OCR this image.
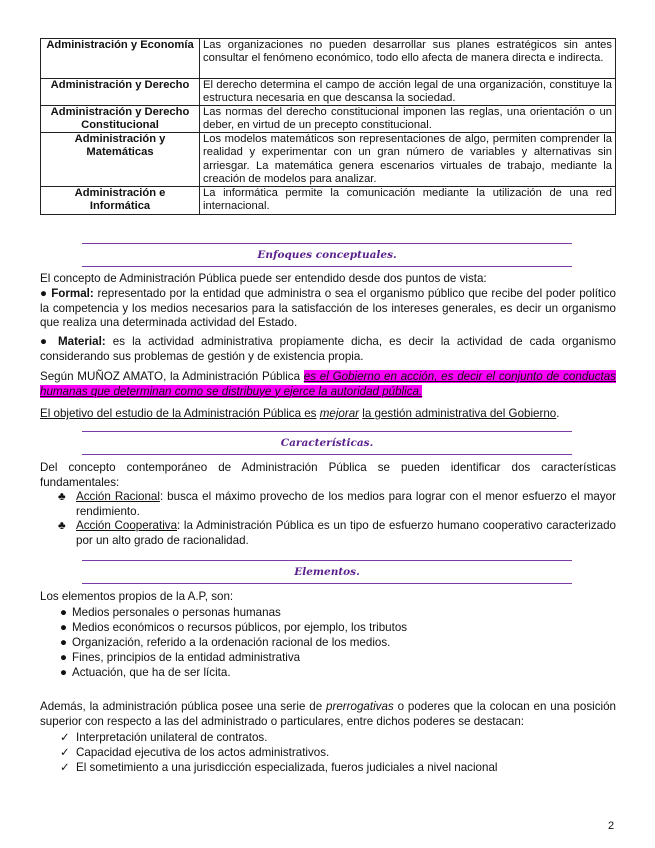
Administración y Economía	Las organizaciones no pueden desarrollar sus planes estratégicos sin antes consultar el fenómeno económico, todo ello afecta de manera directa e indirecta.
Administración y Derecho	El derecho determina el campo de acción legal de una organización, constituye la estructura necesaria en que descansa la sociedad.
Administración y Derecho Constitucional	Las normas del derecho constitucional imponen las reglas, una orientación o un deber, en virtud de un precepto constitucional.
Administración y Matemáticas	Los modelos matemáticos son representaciones de algo, permiten comprender la realidad y experimentar con un gran número de variables y alternativas sin arriesgar. La matemática genera escenarios virtuales de trabajo, mediante la creación de modelos para analizar.
Administración e Informática	La informática permite la comunicación mediante la utilización de una red internacional.
Enfoques conceptuales.

El concepto de Administración Pública puede ser entendido desde dos puntos de vista:

● Formal: representado por la entidad que administra o sea el organismo público que recibe del poder político la competencia y los medios necesarios para la satisfacción de los intereses generales, es decir un organismo que realiza una determinada actividad del Estado.

● Material: es la actividad administrativa propiamente dicha, es decir la actividad de cada organismo considerando sus problemas de gestión y de existencia propia.

Según MUÑOZ AMATO, la Administración Pública es el Gobierno en acción, es decir el conjunto de conductas humanas que determinan como se distribuye y ejerce la autoridad pública.

El objetivo del estudio de la Administración Pública es mejorar la gestión administrativa del Gobierno.

Características.

Del concepto contemporáneo de Administración Pública se pueden identificar dos características fundamentales:

♣ Acción Racional: busca el máximo provecho de los medios para lograr con el menor esfuerzo el mayor rendimiento.
♣ Acción Cooperativa: la Administración Pública es un tipo de esfuerzo humano cooperativo caracterizado por un alto grado de racionalidad.
Elementos.

Los elementos propios de la A.P, son:

● Medios personales o personas humanas
● Medios económicos o recursos públicos, por ejemplo, los tributos
● Organización, referido a la ordenación racional de los medios.
● Fines, principios de la entidad administrativa
● Actuación, que ha de ser lícita.

Además, la administración pública posee una serie de prerrogativas o poderes que la colocan en una posición superior con respecto a las del administrado o particulares, entre dichos poderes se destacan:

✓ Interpretación unilateral de contratos.
✓ Capacidad ejecutiva de los actos administrativos.
✓ El sometimiento a una jurisdicción especializada, fueros judiciales a nivel nacional
2
